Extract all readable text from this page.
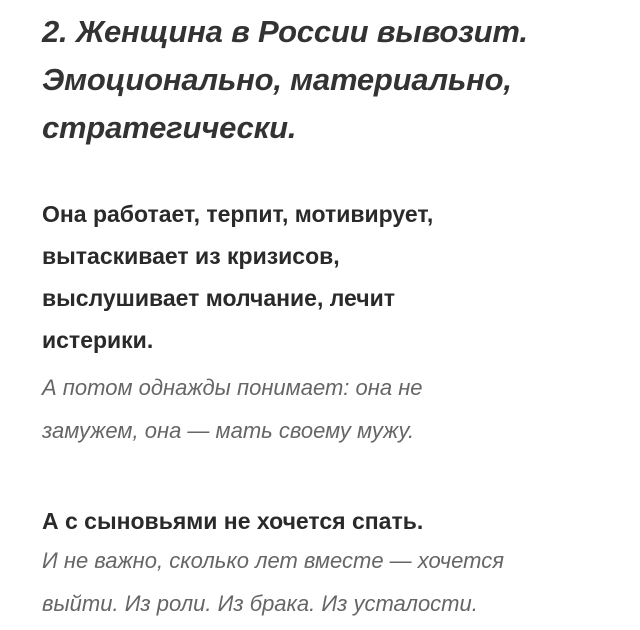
2. Женщина в России вывозит.
Эмоционально, материально,
стратегически.
Она работает, терпит, мотивирует,
вытаскивает из кризисов,
выслушивает молчание, лечит
истерики.
А потом однажды понимает: она не
замужем, она — мать своему мужу.
А с сыновьями не хочется спать.
И не важно, сколько лет вместе — хочется
выйти. Из роли. Из брака. Из усталости.
